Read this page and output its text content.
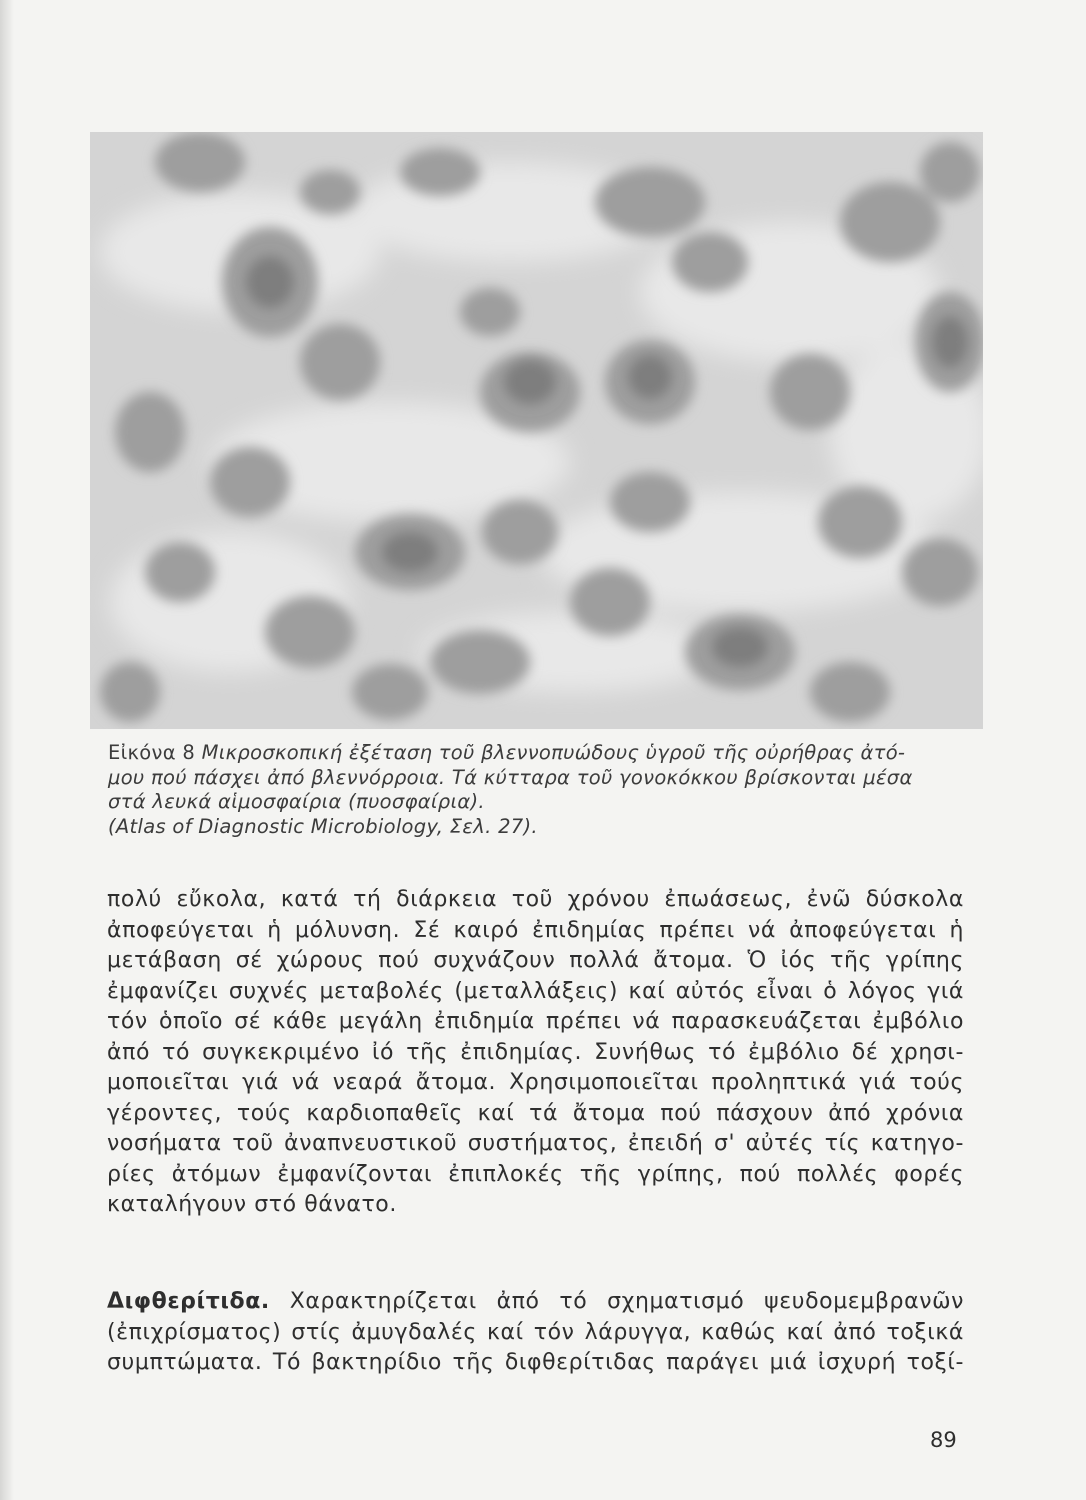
Εἰκόνα 8 Μικροσκοπική ἐξέταση τοῦ βλεννοπυώδους ὑγροῦ τῆς οὐρήθρας ἀτό-
μου πού πάσχει ἀπό βλεννόρροια. Τά κύτταρα τοῦ γονοκόκκου βρίσκονται μέσα
στά λευκά αἱμοσφαίρια (πυοσφαίρια).
(Atlas of Diagnostic Microbiology, Σελ. 27).
πολύ εὔκολα, κατά τή διάρκεια τοῦ χρόνου ἐπωάσεως, ἐνῶ δύσκολα
ἀποφεύγεται ἡ μόλυνση. Σέ καιρό ἐπιδημίας πρέπει νά ἀποφεύγεται ἡ
μετάβαση σέ χώρους πού συχνάζουν πολλά ἄτομα. Ὁ ἰός τῆς γρίπης
ἐμφανίζει συχνές μεταβολές (μεταλλάξεις) καί αὐτός εἶναι ὁ λόγος γιά
τόν ὁποῖο σέ κάθε μεγάλη ἐπιδημία πρέπει νά παρασκευάζεται ἐμβόλιο
ἀπό τό συγκεκριμένο ἰό τῆς ἐπιδημίας. Συνήθως τό ἐμβόλιο δέ χρησι-
μοποιεῖται γιά νά νεαρά ἄτομα. Χρησιμοποιεῖται προληπτικά γιά τούς
γέροντες, τούς καρδιοπαθεῖς καί τά ἄτομα πού πάσχουν ἀπό χρόνια
νοσήματα τοῦ ἀναπνευστικοῦ συστήματος, ἐπειδή σ' αὐτές τίς κατηγο-
ρίες ἀτόμων ἐμφανίζονται ἐπιπλοκές τῆς γρίπης, πού πολλές φορές
καταλήγουν στό θάνατο.
Διφθερίτιδα. Χαρακτηρίζεται ἀπό τό σχηματισμό ψευδομεμβρανῶν
(ἐπιχρίσματος) στίς ἀμυγδαλές καί τόν λάρυγγα, καθώς καί ἀπό τοξικά
συμπτώματα. Τό βακτηρίδιο τῆς διφθερίτιδας παράγει μιά ἰσχυρή τοξί-
89
